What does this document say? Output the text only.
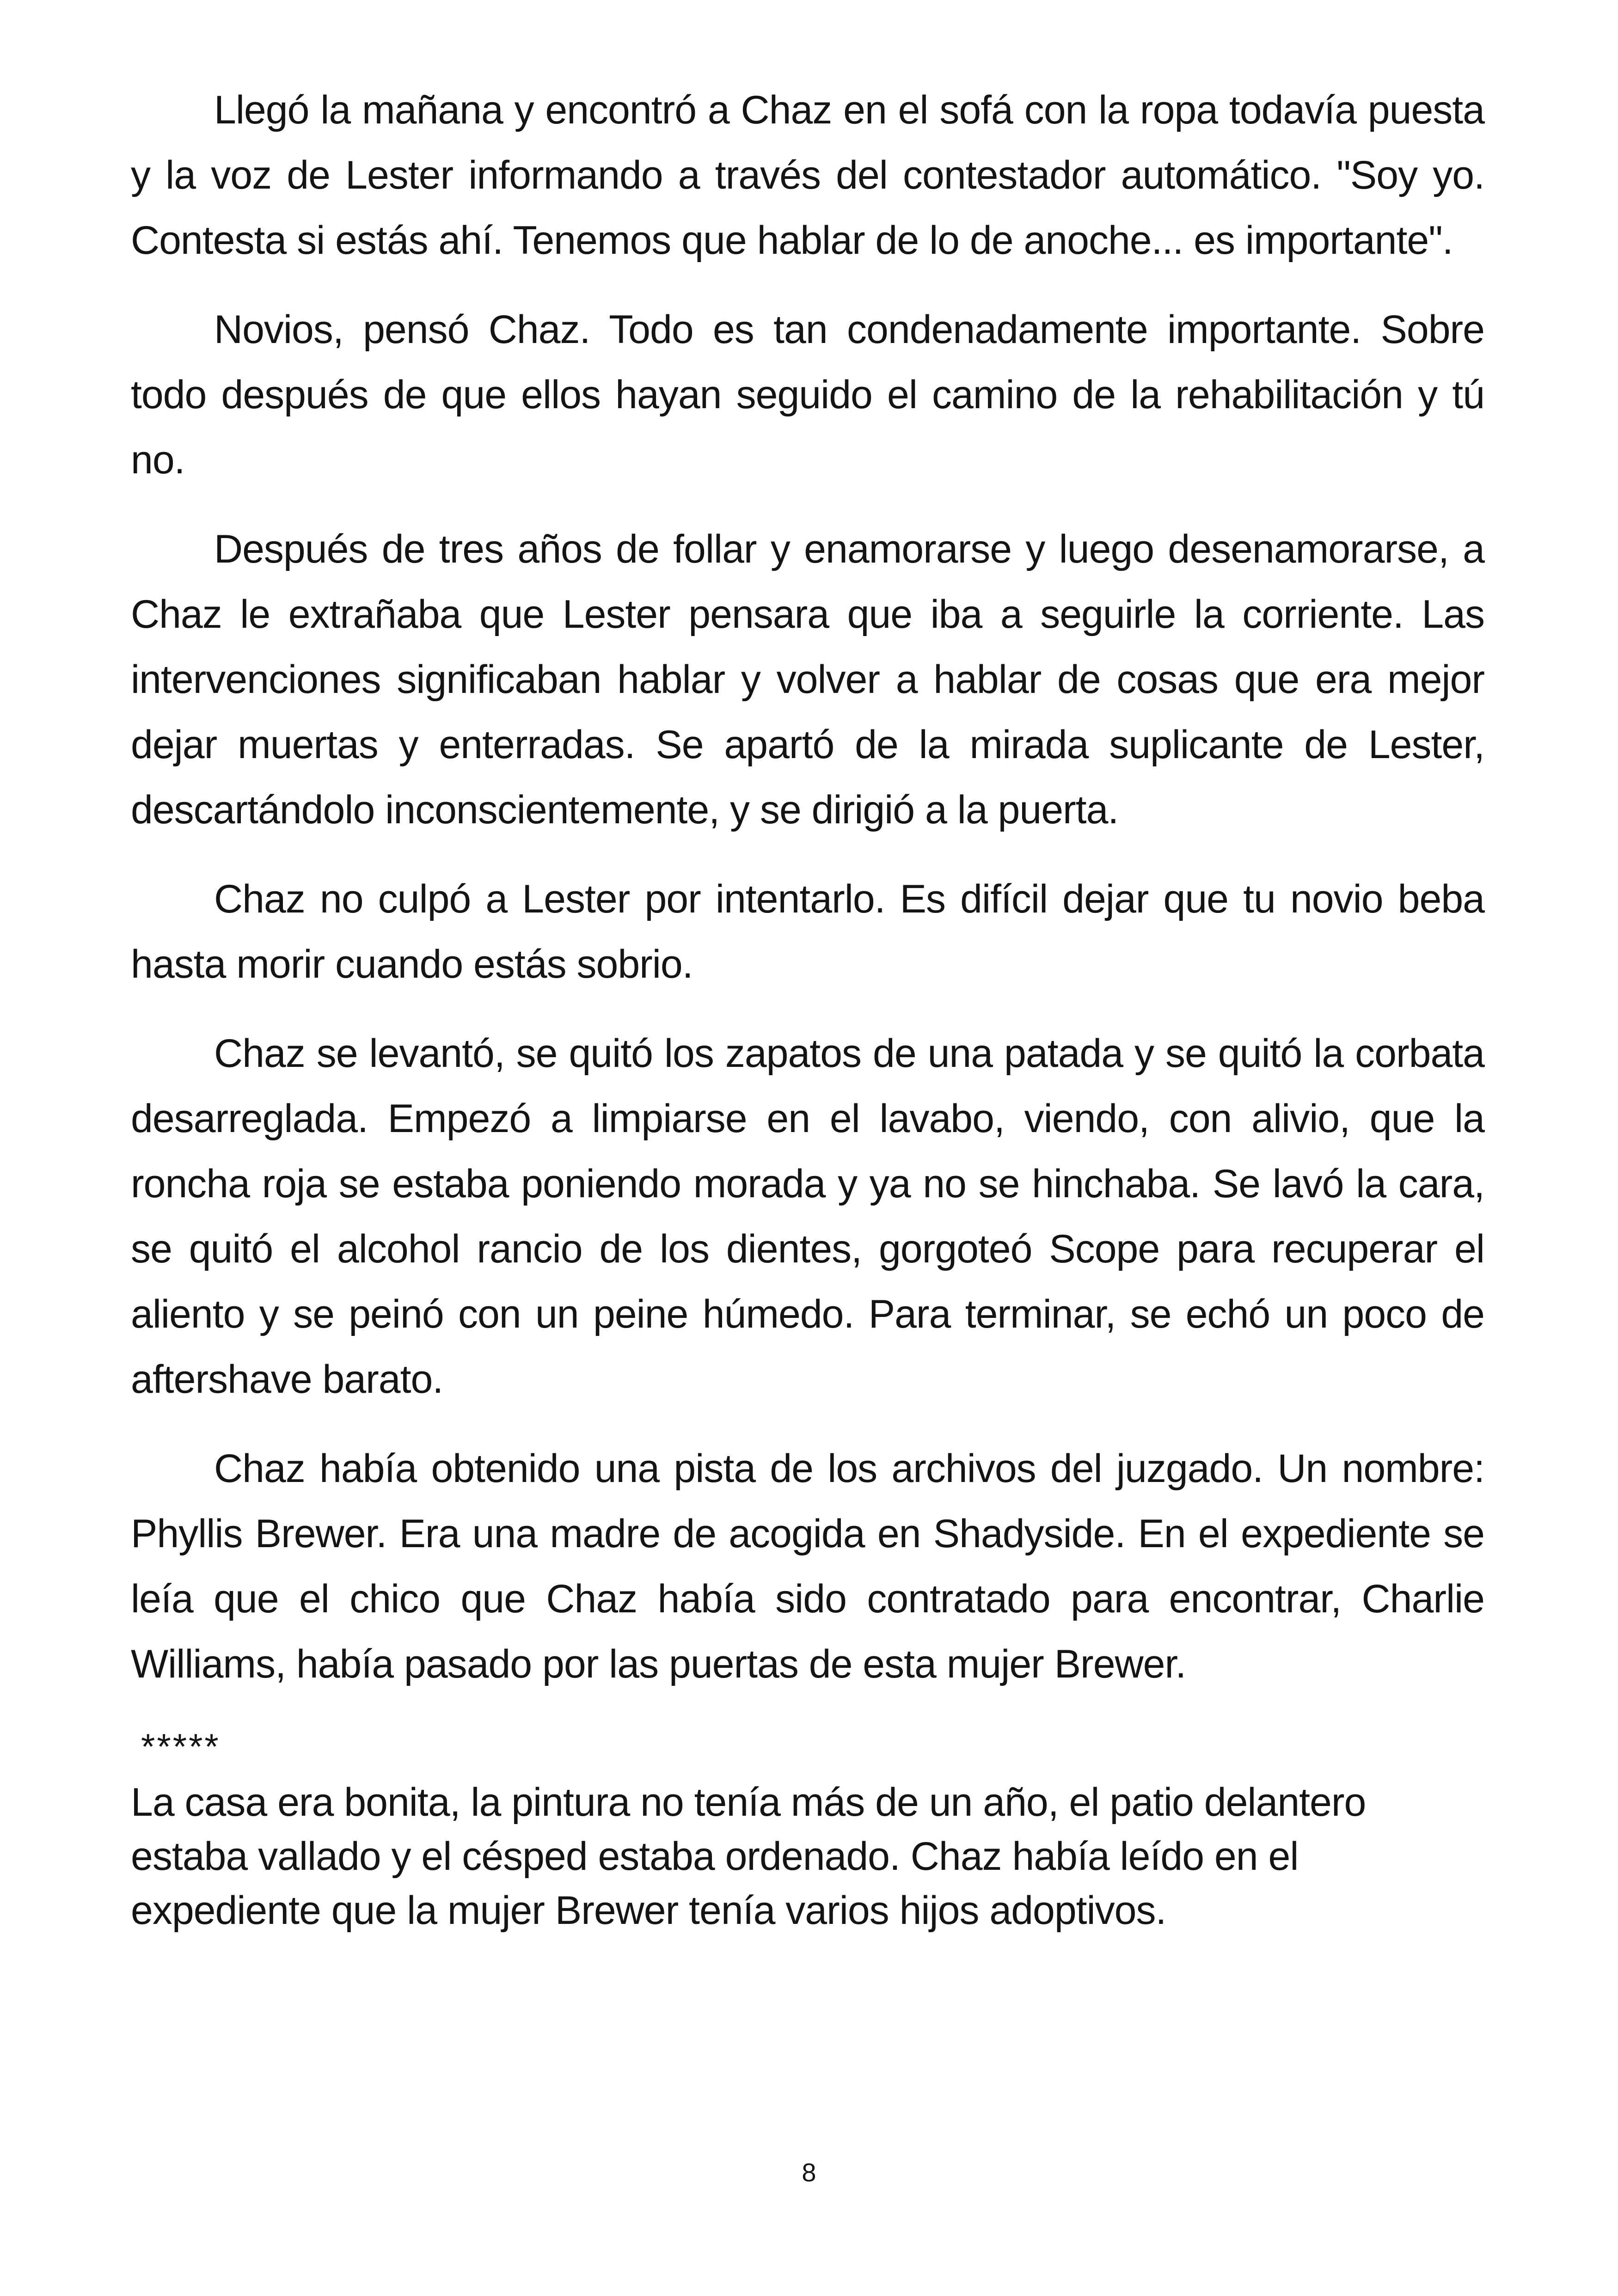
Llegó la mañana y encontró a Chaz en el sofá con la ropa todavía puesta y la voz de Lester informando a través del contestador automático. "Soy yo. Contesta si estás ahí. Tenemos que hablar de lo de anoche... es importante".

Novios, pensó Chaz. Todo es tan condenadamente importante. Sobre todo después de que ellos hayan seguido el camino de la rehabilitación y tú no.

Después de tres años de follar y enamorarse y luego desenamorarse, a Chaz le extrañaba que Lester pensara que iba a seguirle la corriente. Las intervenciones significaban hablar y volver a hablar de cosas que era mejor dejar muertas y enterradas. Se apartó de la mirada suplicante de Lester, descartándolo inconscientemente, y se dirigió a la puerta.

Chaz no culpó a Lester por intentarlo. Es difícil dejar que tu novio beba hasta morir cuando estás sobrio.

Chaz se levantó, se quitó los zapatos de una patada y se quitó la corbata desarreglada. Empezó a limpiarse en el lavabo, viendo, con alivio, que la roncha roja se estaba poniendo morada y ya no se hinchaba. Se lavó la cara, se quitó el alcohol rancio de los dientes, gorgoteó Scope para recuperar el aliento y se peinó con un peine húmedo. Para terminar, se echó un poco de aftershave barato.

Chaz había obtenido una pista de los archivos del juzgado. Un nombre: Phyllis Brewer. Era una madre de acogida en Shadyside. En el expediente se leía que el chico que Chaz había sido contratado para encontrar, Charlie Williams, había pasado por las puertas de esta mujer Brewer.

*****

La casa era bonita, la pintura no tenía más de un año, el patio delantero estaba vallado y el césped estaba ordenado. Chaz había leído en el expediente que la mujer Brewer tenía varios hijos adoptivos.

8
